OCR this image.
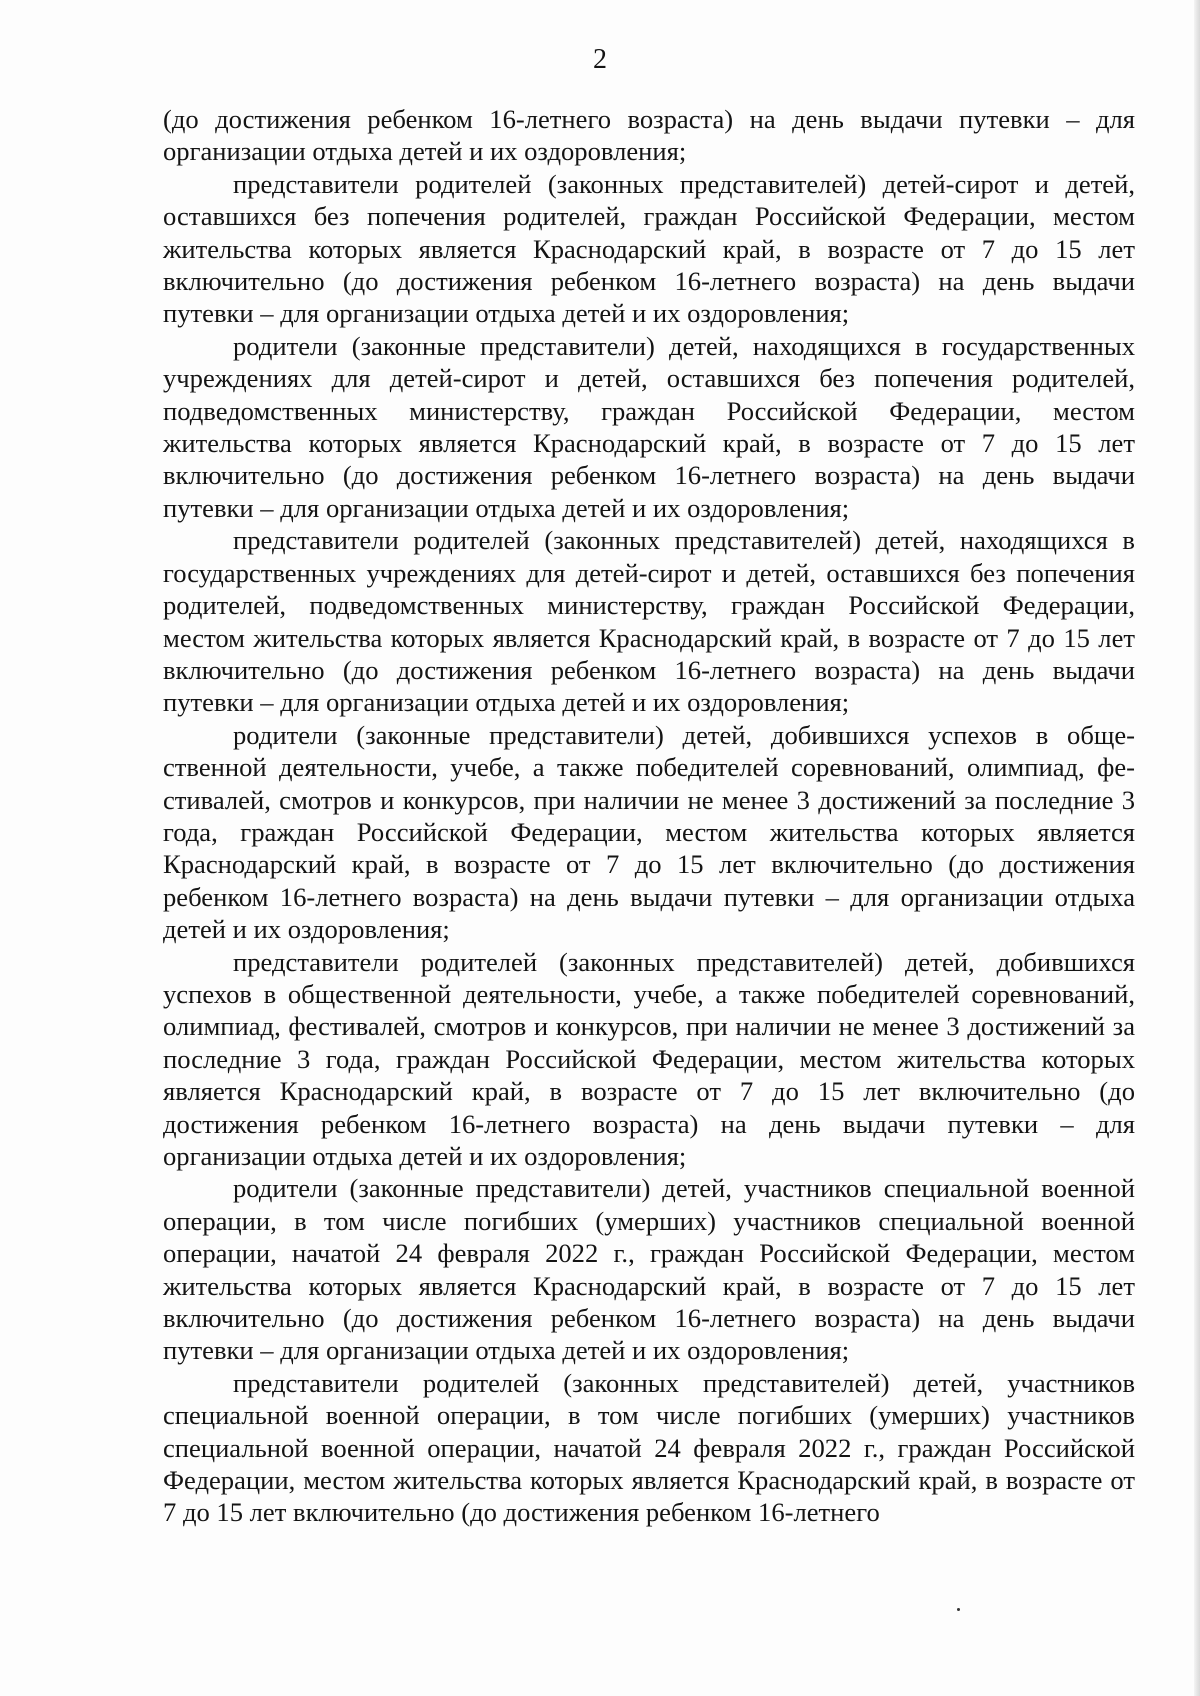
2

(до достижения ребенком 16-летнего возраста) на день выдачи путевки – для организации отдыха детей и их оздоровления;

представители родителей (законных представителей) детей-сирот и детей, оставшихся без попечения родителей, граждан Российской Федерации, местом жительства которых является Краснодарский край, в возрасте от 7 до 15 лет включительно (до достижения ребенком 16-летнего возраста) на день выдачи путевки – для организации отдыха детей и их оздоровления;

родители (законные представители) детей, находящихся в государственных учреждениях для детей-сирот и детей, оставшихся без попечения родителей, подведомственных министерству, граждан Российской Федерации, местом жительства которых является Краснодарский край, в возрасте от 7 до 15 лет включительно (до достижения ребенком 16-летнего возраста) на день выдачи путевки – для организации отдыха детей и их оздоровления;

представители родителей (законных представителей) детей, находящихся в государственных учреждениях для детей-сирот и детей, оставшихся без попечения родителей, подведомственных министерству, граждан Российской Федерации, местом жительства которых является Краснодарский край, в возрасте от 7 до 15 лет включительно (до достижения ребенком 16-летнего возраста) на день выдачи путевки – для организации отдыха детей и их оздоровления;

родители (законные представители) детей, добившихся успехов в общественной деятельности, учебе, а также победителей соревнований, олимпиад, фестивалей, смотров и конкурсов, при наличии не менее 3 достижений за последние 3 года, граждан Российской Федерации, местом жительства которых является Краснодарский край, в возрасте от 7 до 15 лет включительно (до достижения ребенком 16-летнего возраста) на день выдачи путевки – для организации отдыха детей и их оздоровления;

представители родителей (законных представителей) детей, добившихся успехов в общественной деятельности, учебе, а также победителей соревнований, олимпиад, фестивалей, смотров и конкурсов, при наличии не менее 3 достижений за последние 3 года, граждан Российской Федерации, местом жительства которых является Краснодарский край, в возрасте от 7 до 15 лет включительно (до достижения ребенком 16-летнего возраста) на день выдачи путевки – для организации отдыха детей и их оздоровления;

родители (законные представители) детей, участников специальной военной операции, в том числе погибших (умерших) участников специальной военной операции, начатой 24 февраля 2022 г., граждан Российской Федерации, местом жительства которых является Краснодарский край, в возрасте от 7 до 15 лет включительно (до достижения ребенком 16-летнего возраста) на день выдачи путевки – для организации отдыха детей и их оздоровления;

представители родителей (законных представителей) детей, участников специальной военной операции, в том числе погибших (умерших) участников специальной военной операции, начатой 24 февраля 2022 г., граждан Российской Федерации, местом жительства которых является Краснодарский край, в возрасте от 7 до 15 лет включительно (до достижения ребенком 16-летнего
